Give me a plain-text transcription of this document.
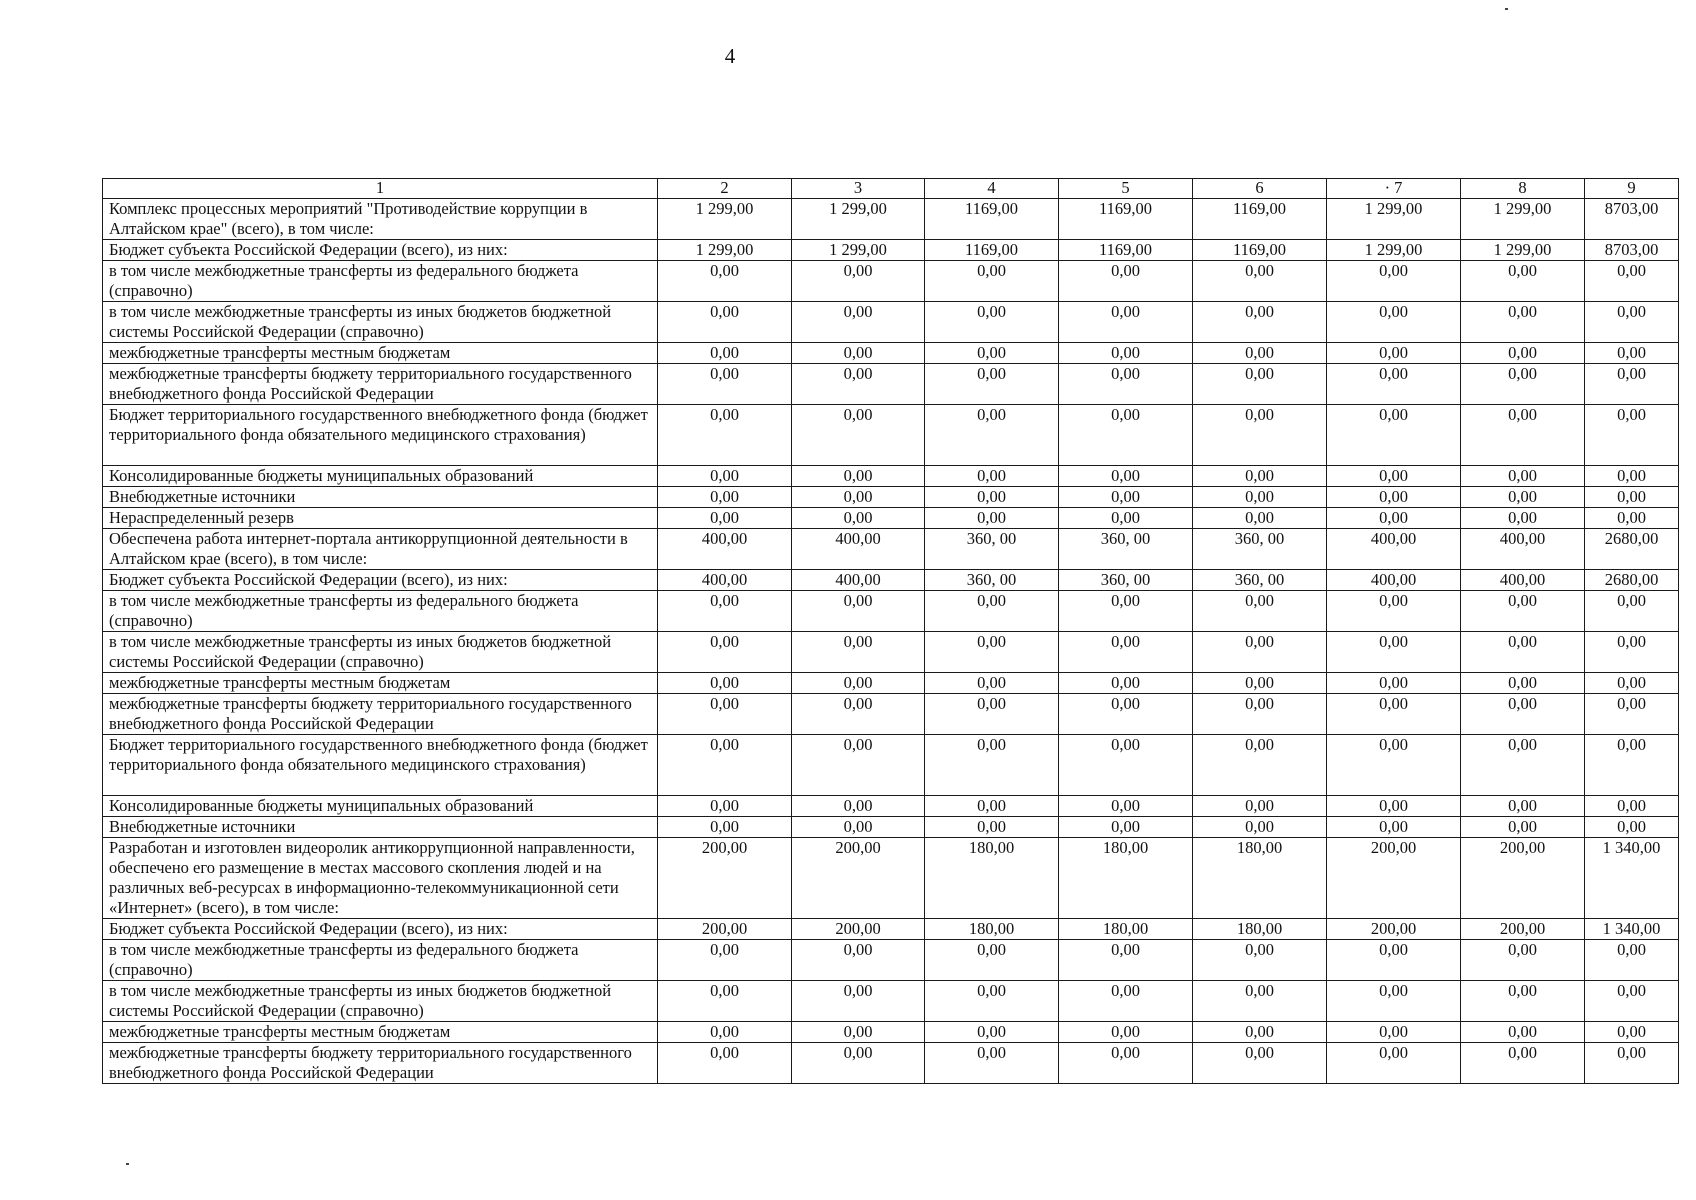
4
1	2	3	4	5	6	· 7	8	9
Комплекс процессных мероприятий "Противодействие коррупции в Алтайском крае" (всего), в том числе:	1 299,00	1 299,00	1169,00	1169,00	1169,00	1 299,00	1 299,00	8703,00
Бюджет субъекта Российской Федерации (всего), из них:	1 299,00	1 299,00	1169,00	1169,00	1169,00	1 299,00	1 299,00	8703,00
в том числе межбюджетные трансферты из федерального бюджета (справочно)	0,00	0,00	0,00	0,00	0,00	0,00	0,00	0,00
в том числе межбюджетные трансферты из иных бюджетов бюджетной системы Российской Федерации (справочно)	0,00	0,00	0,00	0,00	0,00	0,00	0,00	0,00
межбюджетные трансферты местным бюджетам	0,00	0,00	0,00	0,00	0,00	0,00	0,00	0,00
межбюджетные трансферты бюджету территориального государственного внебюджетного фонда Российской Федерации	0,00	0,00	0,00	0,00	0,00	0,00	0,00	0,00
Бюджет территориального государственного внебюджетного фонда (бюджет территориального фонда обязательного медицинского страхования)	0,00	0,00	0,00	0,00	0,00	0,00	0,00	0,00
Консолидированные бюджеты муниципальных образований	0,00	0,00	0,00	0,00	0,00	0,00	0,00	0,00
Внебюджетные источники	0,00	0,00	0,00	0,00	0,00	0,00	0,00	0,00
Нераспределенный резерв	0,00	0,00	0,00	0,00	0,00	0,00	0,00	0,00
Обеспечена работа интернет-портала антикоррупционной деятельности в Алтайском крае (всего), в том числе:	400,00	400,00	360, 00	360, 00	360, 00	400,00	400,00	2680,00
Бюджет субъекта Российской Федерации (всего), из них:	400,00	400,00	360, 00	360, 00	360, 00	400,00	400,00	2680,00
в том числе межбюджетные трансферты из федерального бюджета (справочно)	0,00	0,00	0,00	0,00	0,00	0,00	0,00	0,00
в том числе межбюджетные трансферты из иных бюджетов бюджетной системы Российской Федерации (справочно)	0,00	0,00	0,00	0,00	0,00	0,00	0,00	0,00
межбюджетные трансферты местным бюджетам	0,00	0,00	0,00	0,00	0,00	0,00	0,00	0,00
межбюджетные трансферты бюджету территориального государственного внебюджетного фонда Российской Федерации	0,00	0,00	0,00	0,00	0,00	0,00	0,00	0,00
Бюджет территориального государственного внебюджетного фонда (бюджет территориального фонда обязательного медицинского страхования)	0,00	0,00	0,00	0,00	0,00	0,00	0,00	0,00
Консолидированные бюджеты муниципальных образований	0,00	0,00	0,00	0,00	0,00	0,00	0,00	0,00
Внебюджетные источники	0,00	0,00	0,00	0,00	0,00	0,00	0,00	0,00
Разработан и изготовлен видеоролик антикоррупционной направленности, обеспечено его размещение в местах массового скопления людей и на различных веб-ресурсах в информационно-телекоммуникационной сети «Интернет» (всего), в том числе:	200,00	200,00	180,00	180,00	180,00	200,00	200,00	1 340,00
Бюджет субъекта Российской Федерации (всего), из них:	200,00	200,00	180,00	180,00	180,00	200,00	200,00	1 340,00
в том числе межбюджетные трансферты из федерального бюджета (справочно)	0,00	0,00	0,00	0,00	0,00	0,00	0,00	0,00
в том числе межбюджетные трансферты из иных бюджетов бюджетной системы Российской Федерации (справочно)	0,00	0,00	0,00	0,00	0,00	0,00	0,00	0,00
межбюджетные трансферты местным бюджетам	0,00	0,00	0,00	0,00	0,00	0,00	0,00	0,00
межбюджетные трансферты бюджету территориального государственного внебюджетного фонда Российской Федерации	0,00	0,00	0,00	0,00	0,00	0,00	0,00	0,00
